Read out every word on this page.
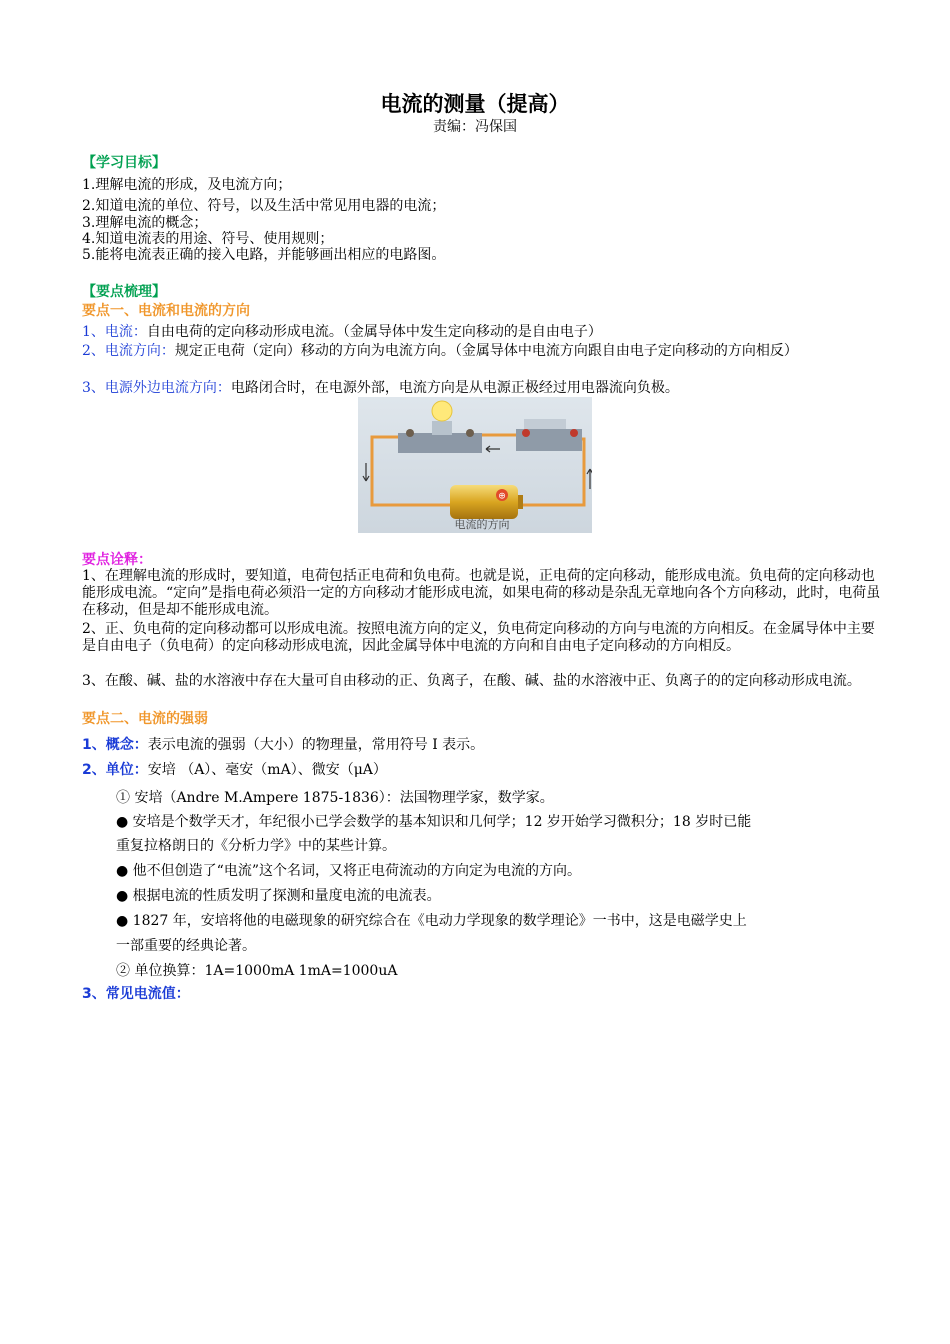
电流的测量（提高）
责编：冯保国
【学习目标】
1.理解电流的形成，及电流方向；
2.知道电流的单位、符号，以及生活中常见用电器的电流；
3.理解电流的概念；
4.知道电流表的用途、符号、使用规则；
5.能将电流表正确的接入电路，并能够画出相应的电路图。
【要点梳理】
要点一、电流和电流的方向
1、电流：自由电荷的定向移动形成电流。（金属导体中发生定向移动的是自由电子）
2、电流方向：规定正电荷（定向）移动的方向为电流方向。（金属导体中电流方向跟自由电子定向移动的方向相反）
3、电源外边电流方向：电路闭合时，在电源外部，电流方向是从电源正极经过用电器流向负极。
⊕
电流的方向
要点诠释：
1、在理解电流的形成时，要知道，电荷包括正电荷和负电荷。也就是说，正电荷的定向移动，能形成电流。负电荷的定向移动也能形成电流。“定向”是指电荷必须沿一定的方向移动才能形成电流，如果电荷的移动是杂乱无章地向各个方向移动，此时，电荷虽在移动，但是却不能形成电流。
2、正、负电荷的定向移动都可以形成电流。按照电流方向的定义，负电荷定向移动的方向与电流的方向相反。在金属导体中主要是自由电子（负电荷）的定向移动形成电流，因此金属导体中电流的方向和自由电子定向移动的方向相反。
3、在酸、碱、盐的水溶液中存在大量可自由移动的正、负离子，在酸、碱、盐的水溶液中正、负离子的的定向移动形成电流。
要点二、电流的强弱
1、概念：表示电流的强弱（大小）的物理量，常用符号 I 表示。
2、单位：安培 （A）、毫安（mA）、微安（μA）
① 安培（Andre M.Ampere 1875-1836）：法国物理学家，数学家。
● 安培是个数学天才，年纪很小已学会数学的基本知识和几何学；12 岁开始学习微积分；18 岁时已能
重复拉格朗日的《分析力学》中的某些计算。
● 他不但创造了“电流”这个名词，又将正电荷流动的方向定为电流的方向。
● 根据电流的性质发明了探测和量度电流的电流表。
● 1827 年，安培将他的电磁现象的研究综合在《电动力学现象的数学理论》一书中，这是电磁学史上
一部重要的经典论著。
② 单位换算：1A=1000mA 1mA=1000uA
3、常见电流值：
